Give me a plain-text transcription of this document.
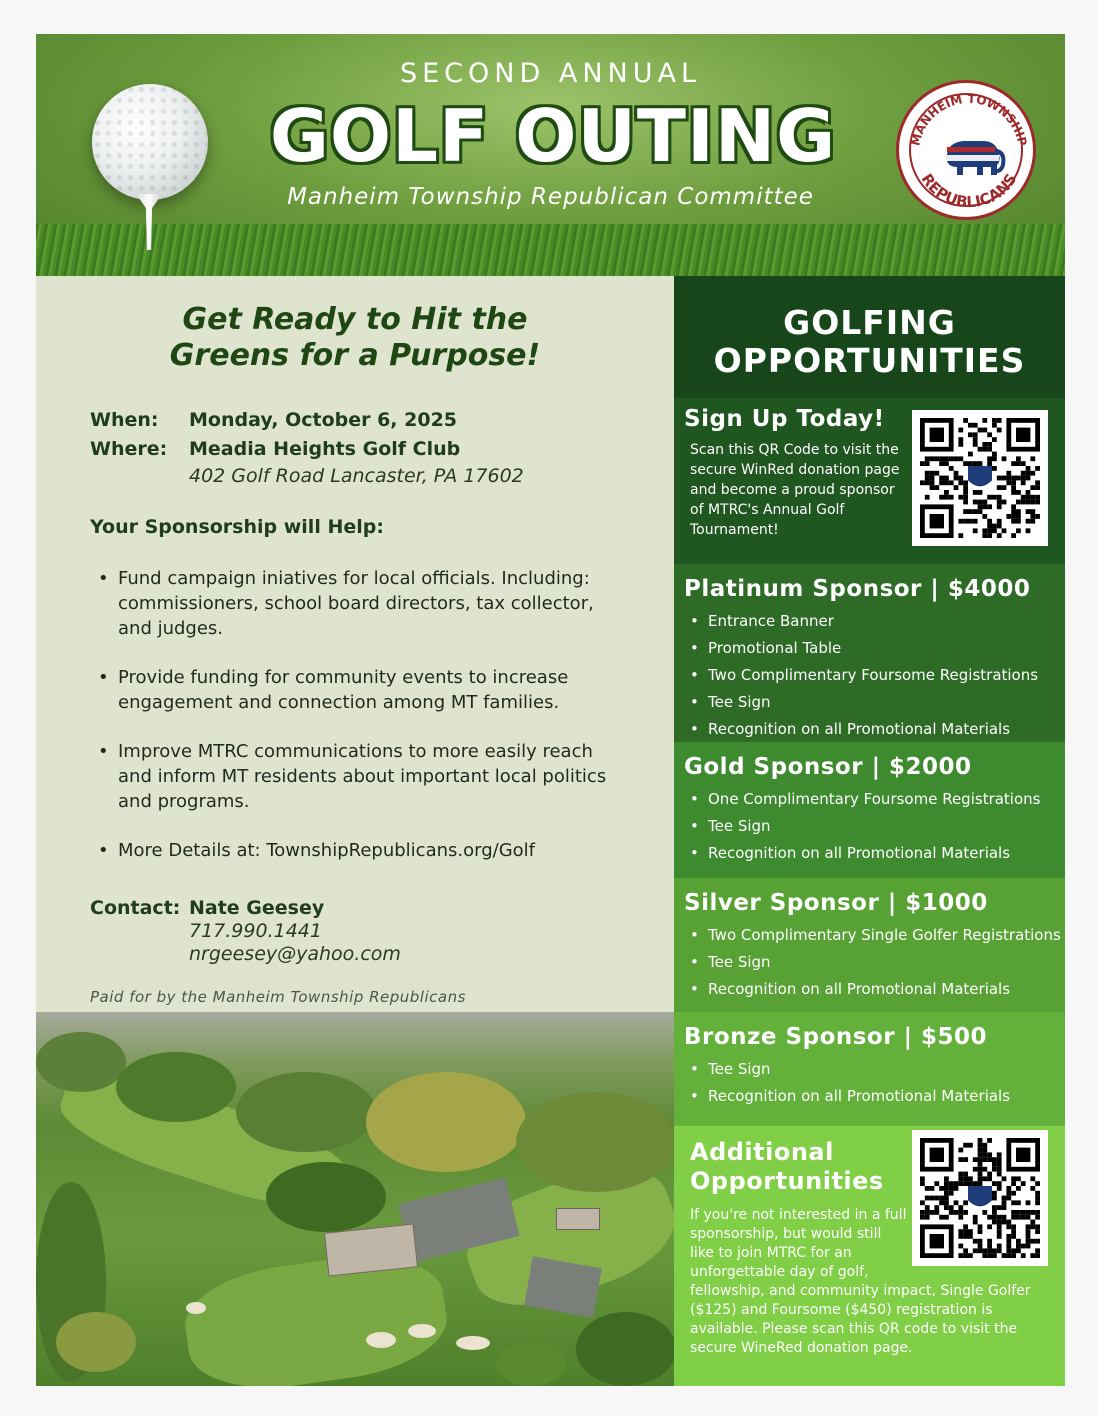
SECOND ANNUAL
GOLF OUTING
Manheim Township Republican Committee
MANHEIM TOWNSHIP
REPUBLICANS
Get Ready to Hit the
Greens for a Purpose!
When:	Monday, October 6, 2025
Where:	Meadia Heights Golf Club
402 Golf Road Lancaster, PA 17602
Your Sponsorship will Help:
• Fund campaign iniatives for local officials. Including: commissioners, school board directors, tax collector, and judges.
• Provide funding for community events to increase engagement and connection among MT families.
• Improve MTRC communications to more easily reach and inform MT residents about important local politics and programs.
• More Details at: TownshipRepublicans.org/Golf
Contact: Nate Geesey
717.990.1441
nrgeesey@yahoo.com
Paid for by the Manheim Township Republicans
GOLFING
OPPORTUNITIES
Sign Up Today!
Scan this QR Code to visit the secure WinRed donation page and become a proud sponsor of MTRC's Annual Golf Tournament!
Platinum Sponsor | $4000
• Entrance Banner
• Promotional Table
• Two Complimentary Foursome Registrations
• Tee Sign
• Recognition on all Promotional Materials
Gold Sponsor | $2000
• One Complimentary Foursome Registrations
• Tee Sign
• Recognition on all Promotional Materials
Silver Sponsor | $1000
• Two Complimentary Single Golfer Registrations
• Tee Sign
• Recognition on all Promotional Materials
Bronze Sponsor | $500
• Tee Sign
• Recognition on all Promotional Materials
Additional
Opportunities
If you're not interested in a full sponsorship, but would still like to join MTRC for an unforgettable day of golf,
fellowship, and community impact, Single Golfer ($125) and Foursome ($450) registration is available. Please scan this QR code to visit the secure WineRed donation page.
